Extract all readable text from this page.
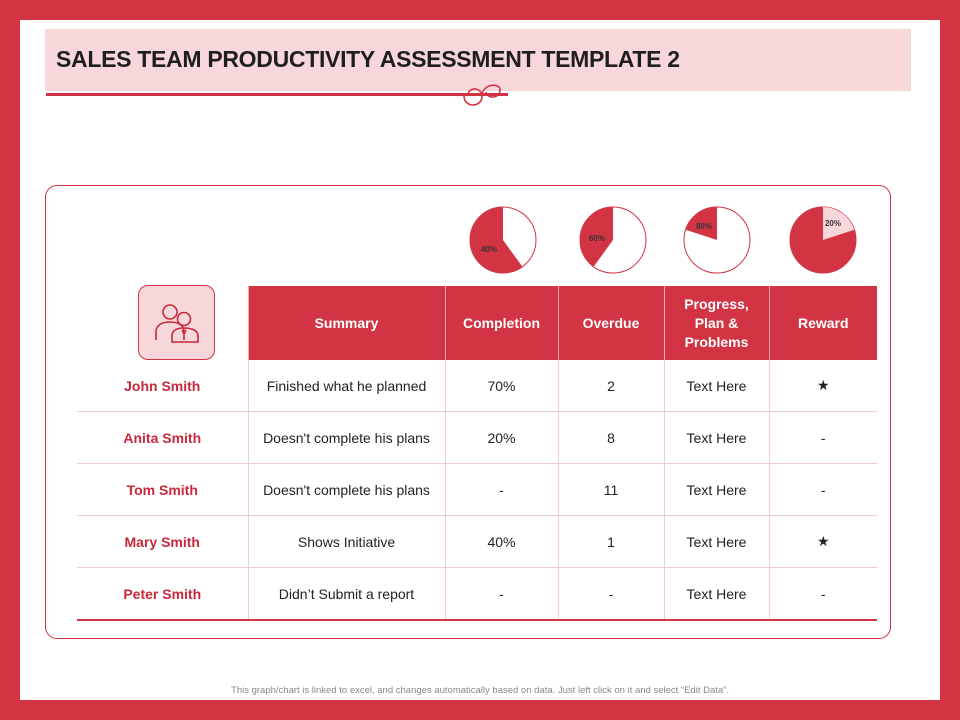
SALES TEAM PRODUCTIVITY ASSESSMENT TEMPLATE 2
40%
60%
80%	20%
	Summary	Completion	Overdue	Progress, Plan & Problems	Reward
John Smith	Finished what he planned	70%	2	Text Here	★
Anita Smith	Doesn't complete his plans	20%	8	Text Here	-
Tom Smith	Doesn't complete his plans	-	11	Text Here	-
Mary Smith	Shows Initiative	40%	1	Text Here	★
Peter Smith	Didn’t Submit a report	-	-	Text Here	-
This graph/chart is linked to excel, and changes automatically based on data. Just left click on it and select “Edit Data”.
